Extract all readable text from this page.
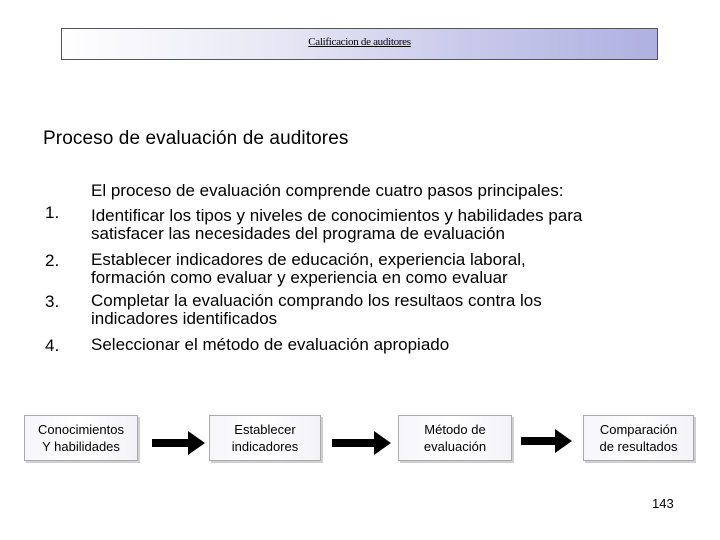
Calificacion de auditores
Proceso de evaluación de auditores
El proceso de evaluación comprende cuatro pasos principales:
1.	Identificar los tipos y niveles de conocimientos y habilidades para
satisfacer las necesidades del programa de evaluación
2.	Establecer indicadores de educación, experiencia laboral,
formación como evaluar y experiencia en como evaluar
3.	Completar la evaluación comprando los resultaos contra los
indicadores identificados
4.	Seleccionar el método de evaluación apropiado
Conocimientos
Y habilidades
Establecer
indicadores
Método de
evaluación
Comparación
de resultados
143
